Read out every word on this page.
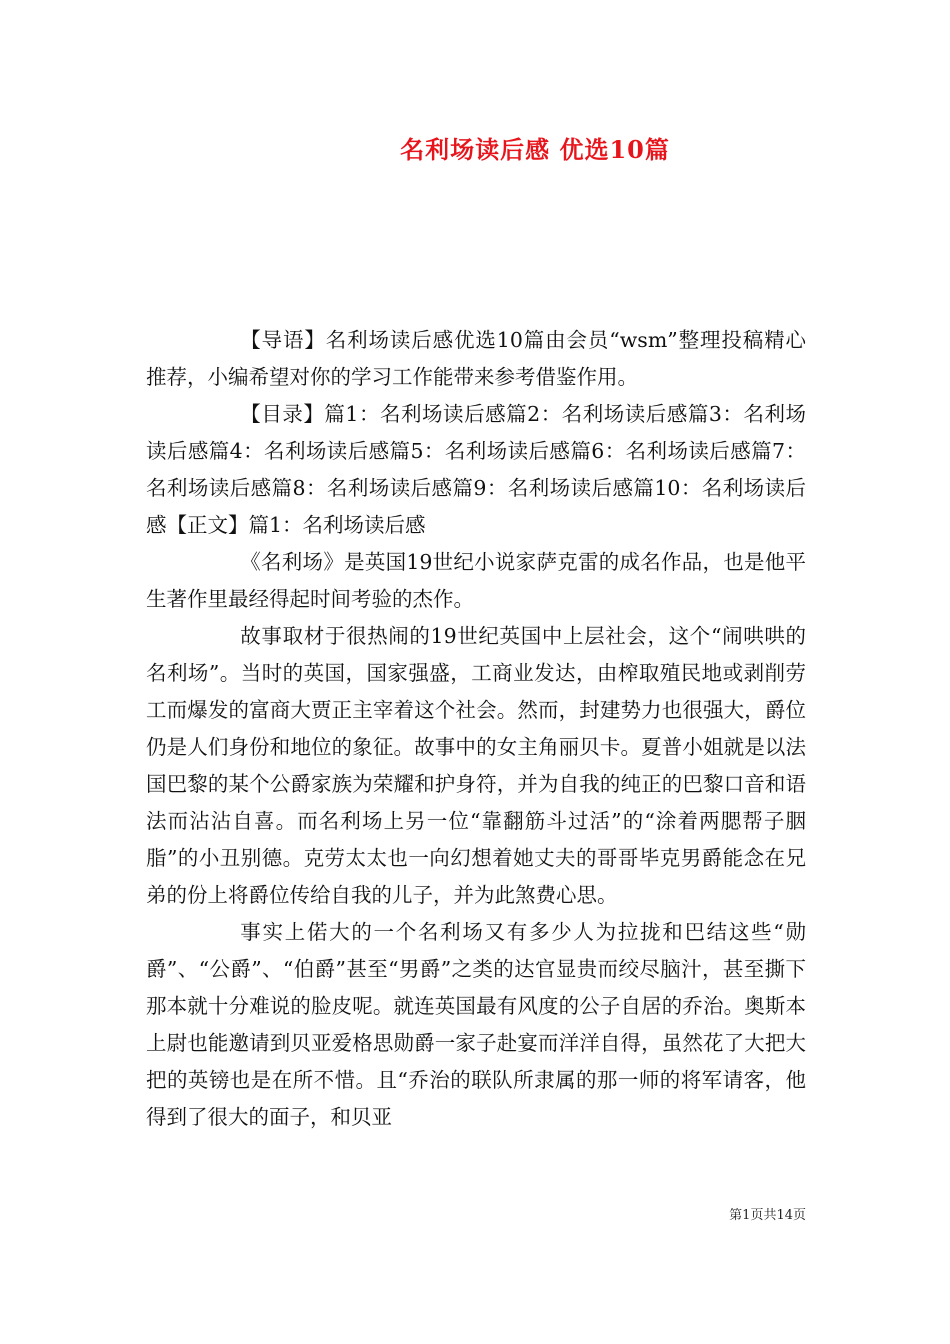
名利场读后感 优选10篇

【导语】名利场读后感优选10篇由会员“wsm”整理投稿精心推荐，小编希望对你的学习工作能带来参考借鉴作用。

【目录】篇1：名利场读后感篇2：名利场读后感篇3：名利场读后感篇4：名利场读后感篇5：名利场读后感篇6：名利场读后感篇7：名利场读后感篇8：名利场读后感篇9：名利场读后感篇10：名利场读后感【正文】篇1：名利场读后感

《名利场》是英国19世纪小说家萨克雷的成名作品，也是他平生著作里最经得起时间考验的杰作。

故事取材于很热闹的19世纪英国中上层社会，这个“闹哄哄的名利场”。当时的英国，国家强盛，工商业发达，由榨取殖民地或剥削劳工而爆发的富商大贾正主宰着这个社会。然而，封建势力也很强大，爵位仍是人们身份和地位的象征。故事中的女主角丽贝卡。夏普小姐就是以法国巴黎的某个公爵家族为荣耀和护身符，并为自我的纯正的巴黎口音和语法而沾沾自喜。而名利场上另一位“靠翻筋斗过活”的“涂着两腮帮子胭脂”的小丑别德。克劳太太也一向幻想着她丈夫的哥哥毕克男爵能念在兄弟的份上将爵位传给自我的儿子，并为此煞费心思。

事实上偌大的一个名利场又有多少人为拉拢和巴结这些“勋爵”、“公爵”、“伯爵”甚至“男爵”之类的达官显贵而绞尽脑汁，甚至撕下那本就十分难说的脸皮呢。就连英国最有风度的公子自居的乔治。奥斯本上尉也能邀请到贝亚爱格思勋爵一家子赴宴而洋洋自得，虽然花了大把大把的英镑也是在所不惜。且“乔治的联队所隶属的那一师的将军请客，他得到了很大的面子，和贝亚

第1页共14页
